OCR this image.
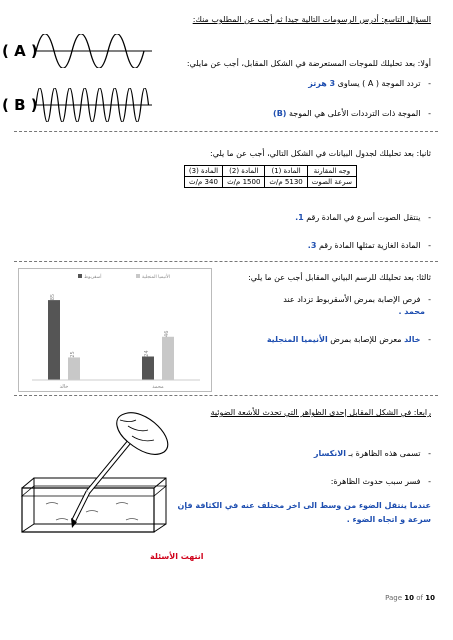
السؤال التاسع: أدرس الرسومات التالية جيدا ثم أجب عن المطلوب منك:
( A )
( B )
أولا: بعد تحليلك للموجات المستعرضة في الشكل المقابل، أجب عن مايلي:
-   تردد الموجة ( A ) يساوى 3 هرتز
-   الموجة ذات الترددات الأعلى هي الموجة (B)
ثانيا: بعد تحليلك لجدول البيانات في الشكل التالي، أجب عن ما يلي:
وجه المقارنة	المادة (1)	المادة (2)	المادة (3)
سرعة الصوت	5130 م/ث	1500 م/ث	340 م/ث
-   ينتقل الصوت أسرع في المادة رقم 1.
-   المادة الغازية تمثلها المادة رقم 3.
ثالثا: بعد تحليلك للرسم البياني المقابل أجب عن ما يلي:
-   فرص الإصابة بمرض الأسقربوط تزداد عند
محمد .
-   خالد معرض للإصابة بمرض الأنيميا المنجلية
أسقربوط	الأنيميا المنجلية
85
25
خالد
24
46
محمد
رابعا: في الشكل المقابل إحدى الظواهر التي تحدث للأشعة الضوئية
-   تسمى هذه الظاهرة بـ الانكسار
-   فسر سبب حدوث الظاهرة:
عندما ينتقل الضوء من وسط الى اخر مختلف عنه في الكثافة فإن
سرعة و اتجاه الضوء .
انتهت الأسئلة
Page 10 of 10
